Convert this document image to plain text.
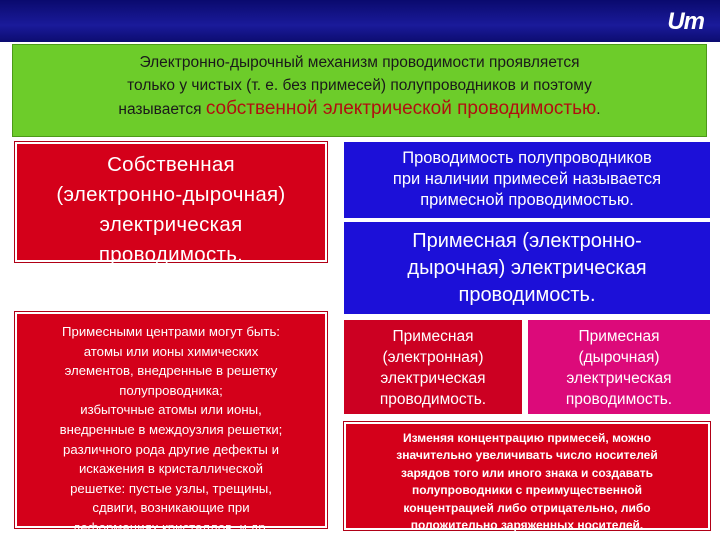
Um
Электронно-дырочный механизм проводимости проявляется
только у чистых (т. е. без примесей) полупроводников и поэтому
называется собственной электрической проводимостью.
Собственная
(электронно-дырочная)
электрическая
проводимость.
Проводимость полупроводников
при наличии примесей называется
примесной проводимостью.
Примесная (электронно-
дырочная) электрическая
проводимость.
Примесными центрами могут быть:
атомы или ионы химических
элементов, внедренные в решетку
полупроводника;
избыточные атомы или ионы,
внедренные в междоузлия решетки;
различного рода другие дефекты и
искажения в кристаллической
решетке: пустые узлы, трещины,
сдвиги, возникающие при
деформациях кристаллов, и др.
Примесная
(электронная)
электрическая
проводимость.
Примесная
(дырочная)
электрическая
проводимость.
Изменяя концентрацию примесей, можно
значительно увеличивать число носителей
зарядов того или иного знака и создавать
полупроводники с преимущественной
концентрацией либо отрицательно, либо
положительно заряженных носителей.
